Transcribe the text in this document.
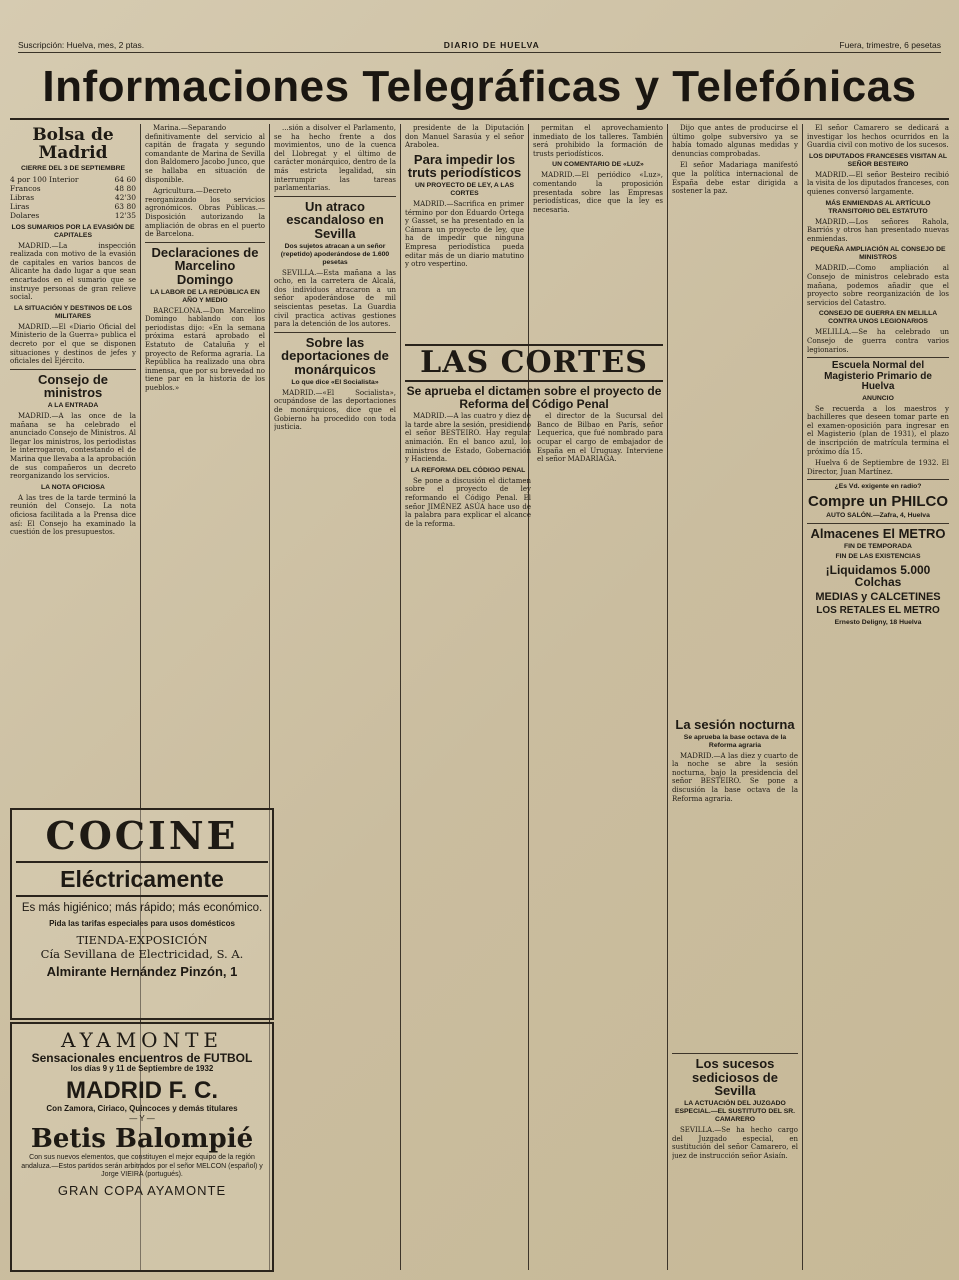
Suscripción: Huelva, mes, 2 ptas.	DIARIO DE HUELVA	Fuera, trimestre, 6 pesetas
Informaciones Telegráficas y Telefónicas
Bolsa de Madrid
CIERRE DEL 3 DE SEPTIEMBRE
4 por 100 Interior	64 60
Francos	48 80
Libras	42'30
Liras	63 80
Dolares	12'35
LOS SUMARIOS POR LA EVASIÓN DE CAPITALES

MADRID.—La inspección realizada con motivo de la evasión de capitales en varios bancos de Alicante ha dado lugar a que sean encartados en el sumario que se instruye personas de gran relieve social.

LA SITUACIÓN Y DESTINOS DE LOS MILITARES

MADRID.—El «Diario Oficial del Ministerio de la Guerra» publica el decreto por el que se disponen situaciones y destinos de jefes y oficiales del Ejército.

Consejo de ministros
A LA ENTRADA

MADRID.—A las once de la mañana se ha celebrado el anunciado Consejo de Ministros. Al llegar los ministros, los periodistas le interrogaron, contestando el de Marina que llevaba a la aprobación de sus compañeros un decreto reorganizando los servicios.

LA NOTA OFICIOSA

A las tres de la tarde terminó la reunión del Consejo. La nota oficiosa facilitada a la Prensa dice así: El Consejo ha examinado la cuestión de los presupuestos.

Marina.—Separando definitivamente del servicio al capitán de fragata y segundo comandante de Marina de Sevilla don Baldomero Jacobo Junco, que se hallaba en situación de disponible.

Agricultura.—Decreto reorganizando los servicios agronómicos. Obras Públicas.—Disposición autorizando la ampliación de obras en el puerto de Barcelona.

Declaraciones de Marcelino Domingo
LA LABOR DE LA REPÚBLICA EN AÑO Y MEDIO

BARCELONA.—Don Marcelino Domingo hablando con los periodistas dijo: «En la semana próxima estará aprobado el Estatuto de Cataluña y el proyecto de Reforma agraria. La República ha realizado una obra inmensa, que por su brevedad no tiene par en la historia de los pueblos.»

...sión a disolver el Parlamento, se ha hecho frente a dos movimientos, uno de la cuenca del Llobregat y el último de carácter monárquico, dentro de la más estricta legalidad, sin interrumpir las tareas parlamentarias.

Un atraco escandaloso en Sevilla
Dos sujetos atracan a un señor (repetido) apoderándose de 1.600 pesetas

SEVILLA.—Esta mañana a las ocho, en la carretera de Alcalá, dos individuos atracaron a un señor apoderándose de mil seiscientas pesetas. La Guardia civil practica activas gestiones para la detención de los autores.

Sobre las deportaciones de monárquicos
Lo que dice «El Socialista»

MADRID.—«El Socialista», ocupándose de las deportaciones de monárquicos, dice que el Gobierno ha procedido con toda justicia.

presidente de la Diputación don Manuel Sarasúa y el señor Arabolea.

Para impedir los truts periodísticos
UN PROYECTO DE LEY, A LAS CORTES

MADRID.—Sacrifica en primer término por don Eduardo Ortega y Gasset, se ha presentado en la Cámara un proyecto de ley, que ha de impedir que ninguna Empresa periodística pueda editar más de un diario matutino y otro vespertino.

permitan el aprovechamiento inmediato de los talleres. También será prohibido la formación de trusts periodísticos.

UN COMENTARIO DE «LUZ»

MADRID.—El periódico «Luz», comentando la proposición presentada sobre las Empresas periodísticas, dice que la ley es necesaria.

Dijo que antes de producirse el último golpe subversivo ya se había tomado algunas medidas y denuncias comprobadas.

El señor Madariaga manifestó que la política internacional de España debe estar dirigida a sostener la paz.

LAS CORTES
Se aprueba el dictamen sobre el proyecto de Reforma del Código Penal

MADRID.—A las cuatro y diez de la tarde abre la sesión, presidiendo el señor BESTEIRO. Hay regular animación. En el banco azul, los ministros de Estado, Gobernación y Hacienda.

LA REFORMA DEL CÓDIGO PENAL

Se pone a discusión el dictamen sobre el proyecto de ley reformando el Código Penal. El señor JIMÉNEZ ASÚA hace uso de la palabra para explicar el alcance de la reforma.

el director de la Sucursal del Banco de Bilbao en París, señor Lequerica, que fué nombrado para ocupar el cargo de embajador de España en el Uruguay. Interviene el señor MADARIAGA.

La sesión nocturna
Se aprueba la base octava de la Reforma agraria

MADRID.—A las diez y cuarto de la noche se abre la sesión nocturna, bajo la presidencia del señor BESTEIRO. Se pone a discusión la base octava de la Reforma agraria.

Los sucesos sediciosos de Sevilla
LA ACTUACIÓN DEL JUZGADO ESPECIAL.—EL SUSTITUTO DEL SR. CAMARERO

SEVILLA.—Se ha hecho cargo del Juzgado especial, en sustitución del señor Camarero, el juez de instrucción señor Asiaín.

El señor Camarero se dedicará a investigar los hechos ocurridos en la Guardia civil con motivo de los sucesos.

LOS DIPUTADOS FRANCESES VISITAN AL SEÑOR BESTEIRO

MADRID.—El señor Besteiro recibió la visita de los diputados franceses, con quienes conversó largamente.

MÁS ENMIENDAS AL ARTÍCULO TRANSITORIO DEL ESTATUTO

MADRID.—Los señores Rahola, Barriós y otros han presentado nuevas enmiendas.

PEQUEÑA AMPLIACIÓN AL CONSEJO DE MINISTROS

MADRID.—Como ampliación al Consejo de ministros celebrado esta mañana, podemos añadir que el proyecto sobre reorganización de los servicios del Catastro.

CONSEJO DE GUERRA EN MELILLA CONTRA UNOS LEGIONARIOS

MELILLA.—Se ha celebrado un Consejo de guerra contra varios legionarios.

Escuela Normal del Magisterio Primario de Huelva
ANUNCIO

Se recuerda a los maestros y bachilleres que deseen tomar parte en el examen-oposición para ingresar en el Magisterio (plan de 1931), el plazo de inscripción de matrícula termina el próximo día 15.

Huelva 6 de Septiembre de 1932. El Director, Juan Martínez.

¿Es Vd. exigente en radio?
Compre un PHILCO
AUTO SALÓN.—Zafra, 4, Huelva
Almacenes El METRO
FIN DE TEMPORADA
FIN DE LAS EXISTENCIAS
¡Liquidamos 5.000 Colchas
MEDIAS y CALCETINES
LOS RETALES EL METRO
Ernesto Deligny, 18 Huelva
COCINE
Eléctricamente
Es más higiénico; más rápido; más económico.
Pida las tarifas especiales para usos domésticos
TIENDA-EXPOSICIÓN
Cía Sevillana de Electricidad, S. A.
Almirante Hernández Pinzón, 1
AYAMONTE
Sensacionales encuentros de FUTBOL
los días 9 y 11 de Septiembre de 1932
MADRID F. C.
Con Zamora, Ciriaco, Quincoces y demás titulares
— Y —
Betis Balompié
Con sus nuevos elementos, que constituyen el mejor equipo de la región andaluza.—Estos partidos serán arbitrados por el señor MELCON (español) y Jorge VIEIRA (portugués).
GRAN COPA AYAMONTE
